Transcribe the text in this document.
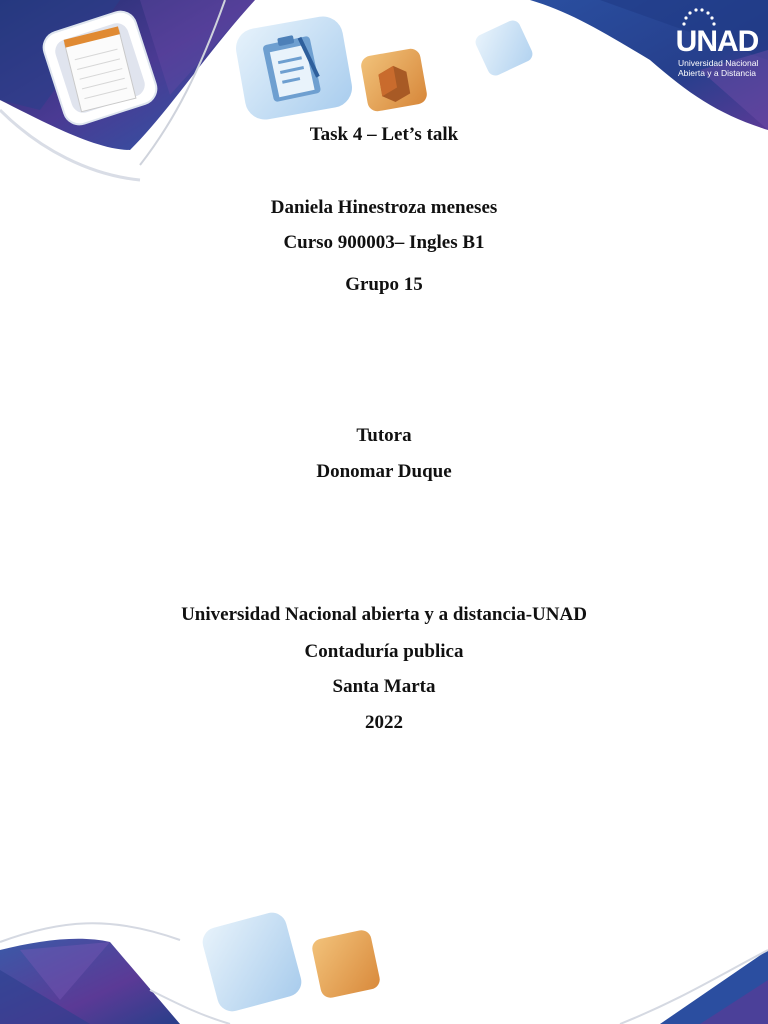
UNAD
Universidad Nacional
Abierta y a Distancia
Task 4 – Let’s talk
Daniela Hinestroza meneses
Curso 900003– Ingles B1
Grupo 15
Tutora
Donomar Duque
Universidad Nacional abierta y a distancia-UNAD
Contaduría publica
Santa Marta
2022
